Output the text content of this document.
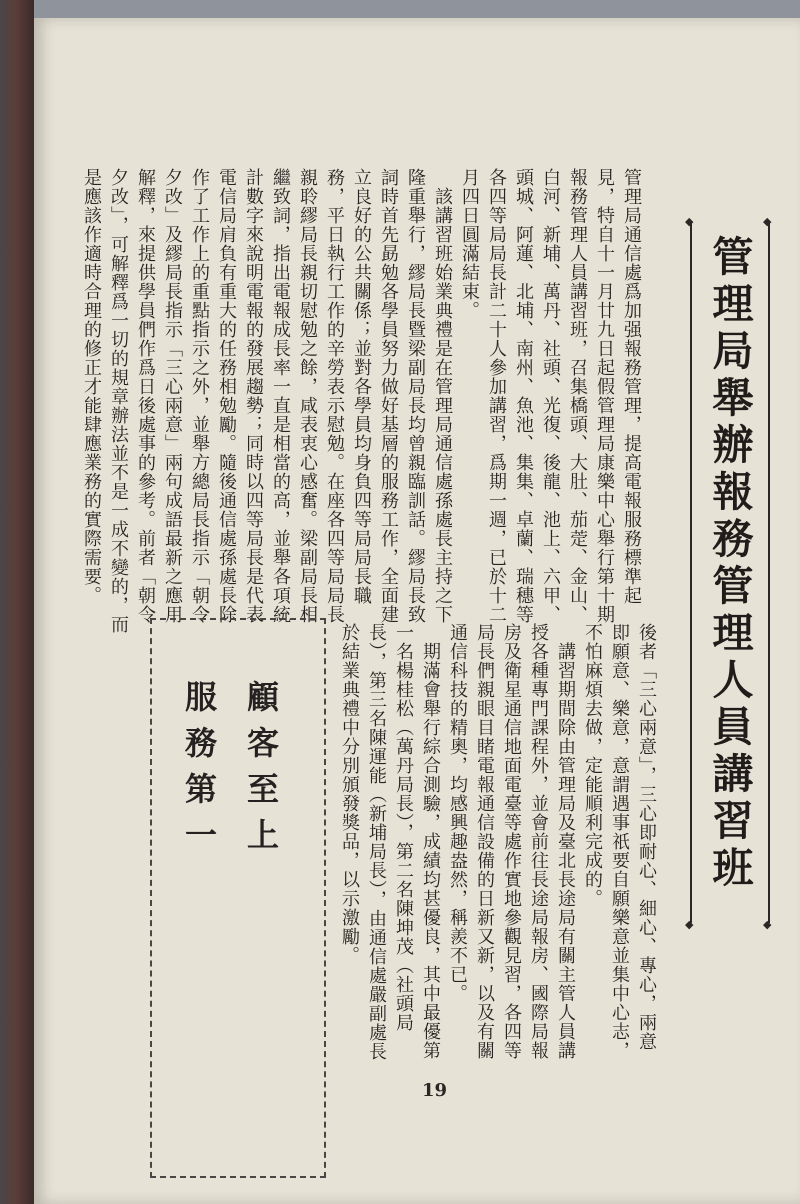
◆ ◆
管理局舉辦報務管理人員講習班
◆ ◆
管理局通信處爲加强報務管理，提高電報服務標準起見，特自十一月廿九日起假管理局康樂中心舉行第十期報務管理人員講習班，召集橋頭、大肚、茄萣、金山、白河、新埔、萬丹、社頭、光復、後龍、池上、六甲、頭城、阿蓮、北埔、南州、魚池、集集、卓蘭、瑞穗等各四等局局長計二十人參加講習，爲期一週，已於十二月四日圓滿結束。
　該講習班始業典禮是在管理局通信處孫處長主持之下隆重舉行，繆局長暨梁副局長均曾親臨訓話。繆局長致詞時首先勗勉各學員努力做好基層的服務工作，全面建立良好的公共關係；並對各學員均身負四等局局長職務，平日執行工作的辛勞表示慰勉。在座各四等局局長親聆繆局長親切慰勉之餘，咸表衷心感奮。梁副局長相繼致詞，指出電報成長率一直是相當的高，並舉各項統計數字來說明電報的發展趨勢；同時以四等局長是代表電信局肩負有重大的任務相勉勵。隨後通信處孫處長除作了工作上的重點指示之外，並舉方總局長指示「朝令夕改」及繆局長指示「三心兩意」兩句成語最新之應用解釋，來提供學員們作爲日後處事的參考。前者「朝令夕改」，可解釋爲一切的規章辦法並不是一成不變的，而是應該作適時合理的修正才能肆應業務的實際需要。
後者「三心兩意」，三心即耐心、細心、專心，兩意即願意、樂意，意謂遇事祇要自願樂意並集中心志，不怕麻煩去做，定能順利完成的。
　講習期間除由管理局及臺北長途局有關主管人員講授各種專門課程外，並會前往長途局報房、國際局報房及衛星通信地面電臺等處作實地參觀見習，各四等局長們親眼目睹電報通信設備的日新又新，以及有關通信科技的精奧，均感興趣盎然，稱羨不已。
　期滿會舉行綜合測驗，成績均甚優良，其中最優第一名楊桂松（萬丹局長），第二名陳坤茂（社頭局長），第三名陳運能（新埔局長），由通信處嚴副處長於結業典禮中分別頒發獎品，以示激勵。
顧客至上
服務第一
19
